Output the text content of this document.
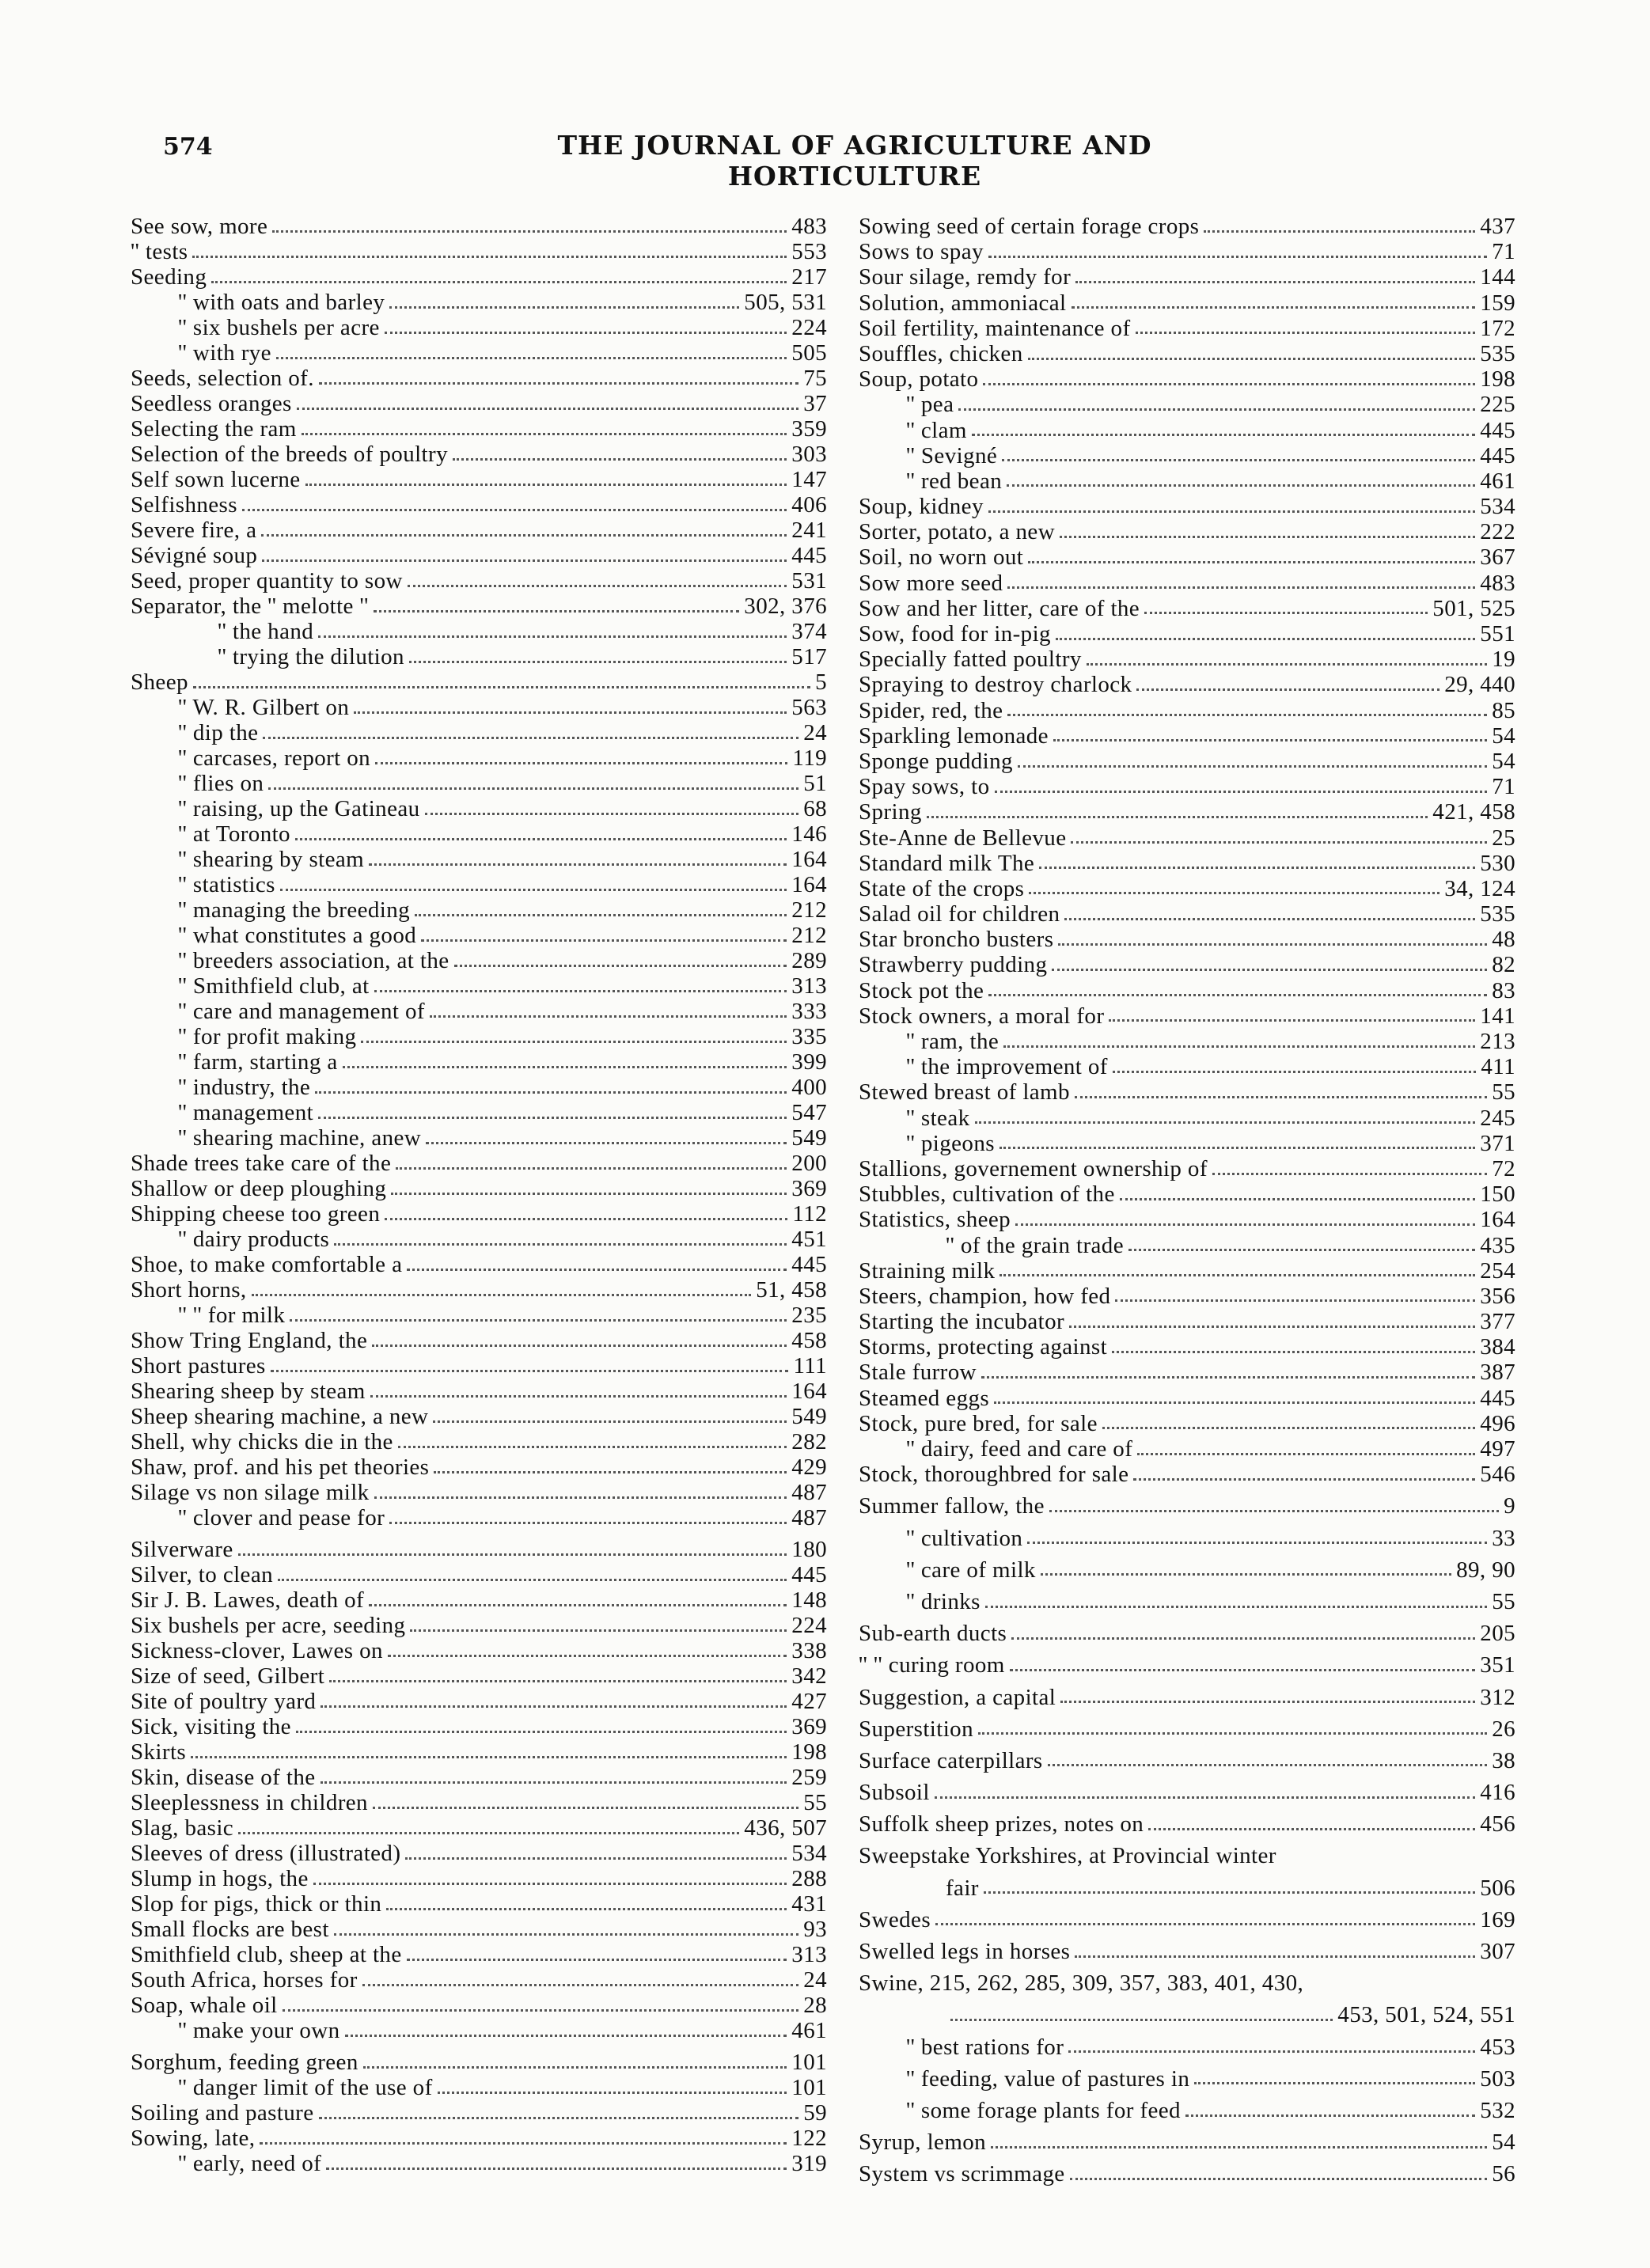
574	THE JOURNAL OF AGRICULTURE AND HORTICULTURE
See sow, more	483
'' tests	553
Seeding	217
'' with oats and barley	505, 531
'' six bushels per acre	224
'' with rye	505
Seeds, selection of.	75
Seedless oranges	37
Selecting the ram	359
Selection of the breeds of poultry	303
Self sown lucerne	147
Selfishness	406
Severe fire, a	241
Sévigné soup	445
Seed, proper quantity to sow	531
Separator, the '' melotte ''	302, 376
'' the hand	374
'' trying the dilution	517
Sheep	5
'' W. R. Gilbert on	563
'' dip the	24
'' carcases, report on	119
'' flies on	51
'' raising, up the Gatineau	68
'' at Toronto	146
'' shearing by steam	164
'' statistics	164
'' managing the breeding	212
'' what constitutes a good	212
'' breeders association, at the	289
'' Smithfield club, at	313
'' care and management of	333
'' for profit making	335
'' farm, starting a	399
'' industry, the	400
'' management	547
'' shearing machine, anew	549
Shade trees take care of the	200
Shallow or deep ploughing	369
Shipping cheese too green	112
'' dairy products	451
Shoe, to make comfortable a	445
Short horns,	51, 458
'' '' for milk	235
Show Tring England, the	458
Short pastures	111
Shearing sheep by steam	164
Sheep shearing machine, a new	549
Shell, why chicks die in the	282
Shaw, prof. and his pet theories	429
Silage vs non silage milk	487
'' clover and pease for	487
Silverware	180
Silver, to clean	445
Sir J. B. Lawes, death of	148
Six bushels per acre, seeding	224
Sickness-clover, Lawes on	338
Size of seed, Gilbert	342
Site of poultry yard	427
Sick, visiting the	369
Skirts	198
Skin, disease of the	259
Sleeplessness in children	55
Slag, basic	436, 507
Sleeves of dress (illustrated)	534
Slump in hogs, the	288
Slop for pigs, thick or thin	431
Small flocks are best	93
Smithfield club, sheep at the	313
South Africa, horses for	24
Soap, whale oil	28
'' make your own	461
Sorghum, feeding green	101
'' danger limit of the use of	101
Soiling and pasture	59
Sowing, late,	122
'' early, need of	319
Sowing seed of certain forage crops	437
Sows to spay	71
Sour silage, remdy for	144
Solution, ammoniacal	159
Soil fertility, maintenance of	172
Souffles, chicken	535
Soup, potato	198
'' pea	225
'' clam	445
'' Sevigné	445
'' red bean	461
Soup, kidney	534
Sorter, potato, a new	222
Soil, no worn out	367
Sow more seed	483
Sow and her litter, care of the	501, 525
Sow, food for in-pig	551
Specially fatted poultry	19
Spraying to destroy charlock	29, 440
Spider, red, the	85
Sparkling lemonade	54
Sponge pudding	54
Spay sows, to	71
Spring	421, 458
Ste-Anne de Bellevue	25
Standard milk The	530
State of the crops	34, 124
Salad oil for children	535
Star broncho busters	48
Strawberry pudding	82
Stock pot the	83
Stock owners, a moral for	141
'' ram, the	213
'' the improvement of	411
Stewed breast of lamb	55
'' steak	245
'' pigeons	371
Stallions, governement ownership of	72
Stubbles, cultivation of the	150
Statistics, sheep	164
'' of the grain trade	435
Straining milk	254
Steers, champion, how fed	356
Starting the incubator	377
Storms, protecting against	384
Stale furrow	387
Steamed eggs	445
Stock, pure bred, for sale	496
'' dairy, feed and care of	497
Stock, thoroughbred for sale	546
Summer fallow, the	9
'' cultivation	33
'' care of milk	89, 90
'' drinks	55
Sub-earth ducts	205
'' '' curing room	351
Suggestion, a capital	312
Superstition	26
Surface caterpillars	38
Subsoil	416
Suffolk sheep prizes, notes on	456
Sweepstake Yorkshires, at Provincial winter
fair	506
Swedes	169
Swelled legs in horses	307
Swine, 215, 262, 285, 309, 357, 383, 401, 430,
453, 501, 524, 551
'' best rations for	453
'' feeding, value of pastures in	503
'' some forage plants for feed	532
Syrup, lemon	54
System vs scrimmage	56
